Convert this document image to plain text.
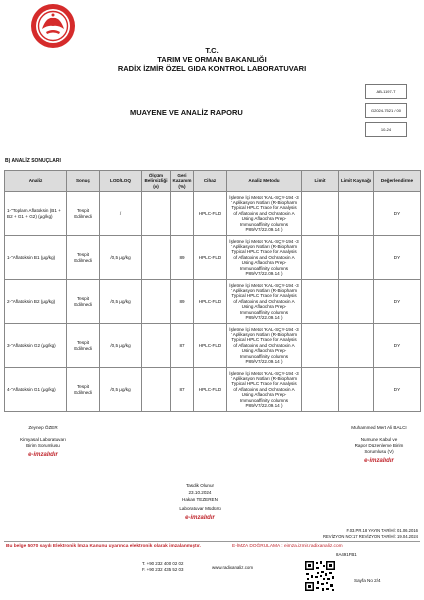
T.C.
TARIM VE ORMAN BAKANLIĞI
RADİX İZMİR ÖZEL GIDA KONTROL LABORATUVARI
MUAYENE VE ANALİZ RAPORU
AB-1197-T
G2024-7521 / 00
10-24
B) ANALİZ SONUÇLARI
Analiz	Sonuç	LOD/LOQ	Ölçüm Belirsizliği (±)	Geri Kazanım (%)	Cihaz	Analiz Metodu	Limit	Limit Kaynağı	Değerlendirme
1-"Toplam Aflatoksin (B1 + B2 + G1 + G2) (μg/kg)	Tespit Edilmedi	/			HPLC-FLD	İşletme İçi Metot 'KAL-SÇY-194 -3 ' Aplikasyon Notları (R-Biopharm Typical HPLC Trace for Analysis of Aflatoxins and Ochratoxin A Using Aflaochra Prep- Immunoaffinity columns P89/V7/22.09.14 )			DY
1-"Aflatoksin B1 (μg/kg)	Tespit Edilmedi	/0,5 μg/kg		89	HPLC-FLD	İşletme İçi Metot 'KAL-SÇY-194 -3 ' Aplikasyon Notları (R-Biopharm Typical HPLC Trace for Analysis of Aflatoxins and Ochratoxin A Using Aflaochra Prep- Immunoaffinity columns P89/V7/22.09.14 )			DY
2-"Aflatoksin B2 (μg/kg)	Tespit Edilmedi	/0,5 μg/kg		89	HPLC-FLD	İşletme İçi Metot 'KAL-SÇY-194 -3 ' Aplikasyon Notları (R-Biopharm Typical HPLC Trace for Analysis of Aflatoxins and Ochratoxin A Using Aflaochra Prep- Immunoaffinity columns P89/V7/22.09.14 )			DY
3-"Aflatoksin G2 (μg/kg)	Tespit Edilmedi	/0,5 μg/kg		87	HPLC-FLD	İşletme İçi Metot 'KAL-SÇY-194 -3 ' Aplikasyon Notları (R-Biopharm Typical HPLC Trace for Analysis of Aflatoxins and Ochratoxin A Using Aflaochra Prep- Immunoaffinity columns P89/V7/22.09.14 )			DY
4-"Aflatoksin G1 (μg/kg)	Tespit Edilmedi	/0,5 μg/kg		87	HPLC-FLD	İşletme İçi Metot 'KAL-SÇY-194 -3 ' Aplikasyon Notları (R-Biopharm Typical HPLC Trace for Analysis of Aflatoxins and Ochratoxin A Using Aflaochra Prep- Immunoaffinity columns P89/V7/22.09.14 )			DY
Zeynep ÖZER
Kimyasal Laboratuvarı
Birim Sorumlusu
e-imzalıdır
Muhammed Mert Ali BALCI
Numune Kabul ve
Rapor Düzenleme Birim
Sorumlusu (V)
e-imzalıdır
Tasdik Olunur
23.10.2024
Hakan TEZEREN
Laboratuvar Müdürü
e-imzalıdır
F.03.PR.18 YAYIN TARİHİ: 01.06.2016
REVİZYON NO:17 REVİZYON TARİHİ: 19.04.2024
Bu belge 5070 sayılı Elektronik İmza Kanunu uyarınca elektronik olarak imzalanmıştır.	E-İMZA DOĞRULAMA : eimza.izmir.radixanaliz.com
8A491FB1
T. +90 232 400 02 02
F. +90 232 435 52 03	www.radixanaliz.com
Sayfa No 2/4
